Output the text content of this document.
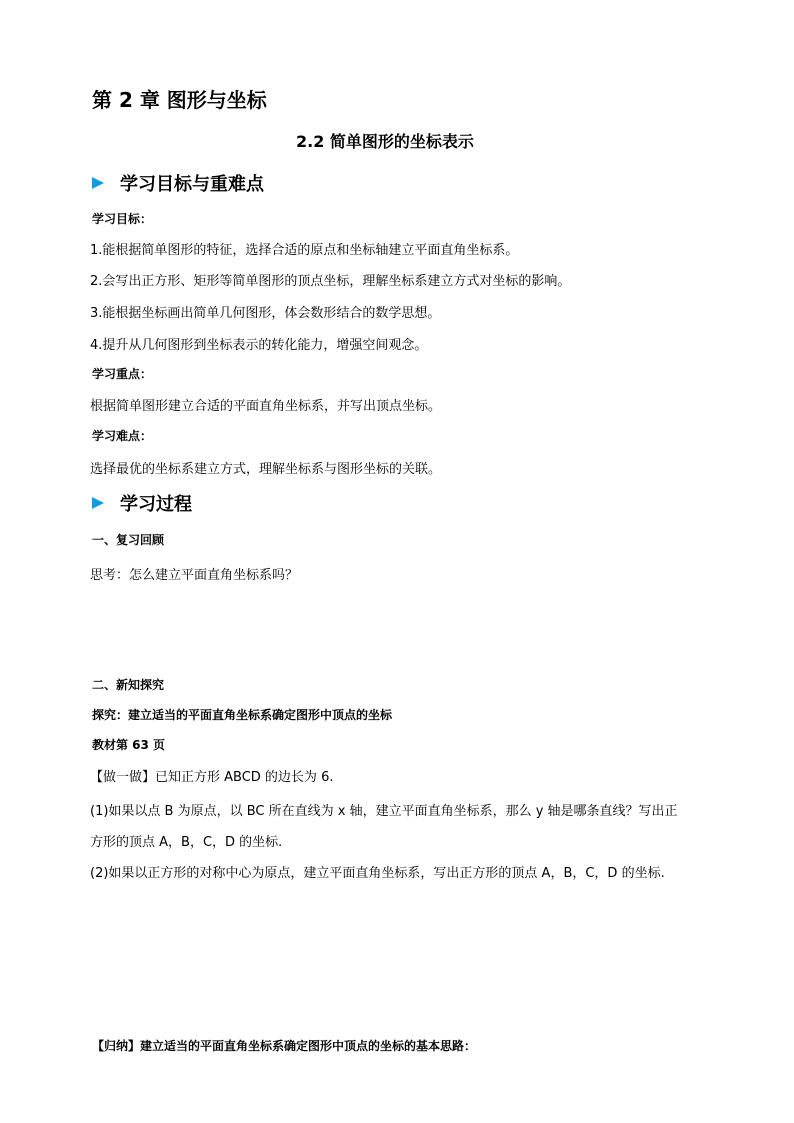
第 2 章 图形与坐标
2.2 简单图形的坐标表示
学习目标与重难点
学习目标：
1.能根据简单图形的特征，选择合适的原点和坐标轴建立平面直角坐标系。
2.会写出正方形、矩形等简单图形的顶点坐标，理解坐标系建立方式对坐标的影响。
3.能根据坐标画出简单几何图形，体会数形结合的数学思想。
4.提升从几何图形到坐标表示的转化能力，增强空间观念。
学习重点：
根据简单图形建立合适的平面直角坐标系，并写出顶点坐标。
学习难点：
选择最优的坐标系建立方式，理解坐标系与图形坐标的关联。
学习过程
一、复习回顾
思考：怎么建立平面直角坐标系吗？
二、新知探究
探究：建立适当的平面直角坐标系确定图形中顶点的坐标
教材第 63 页
【做一做】已知正方形 ABCD 的边长为 6.
(1)如果以点 B 为原点，以 BC 所在直线为 x 轴，建立平面直角坐标系，那么 y 轴是哪条直线？写出正
方形的顶点 A，B，C，D 的坐标.
(2)如果以正方形的对称中心为原点，建立平面直角坐标系，写出正方形的顶点 A，B，C，D 的坐标.
【归纳】建立适当的平面直角坐标系确定图形中顶点的坐标的基本思路：
